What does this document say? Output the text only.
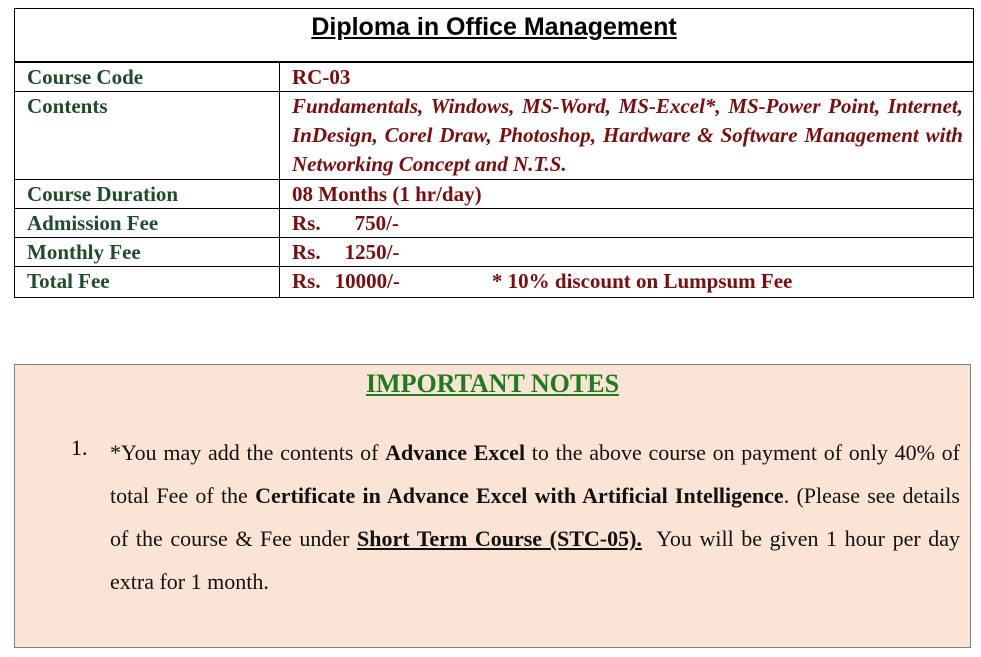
Diploma in Office Management	
Course Code	RC-03
Contents	Fundamentals, Windows, MS-Word, MS-Excel*, MS-Power Point, Internet, InDesign, Corel Draw, Photoshop, Hardware & Software Management with Networking Concept and N.T.S.
Course Duration	08 Months (1 hr/day)
Admission Fee	Rs. 750/-
Monthly Fee	Rs. 1250/-
Total Fee	Rs. 10000/- * 10% discount on Lumpsum Fee
IMPORTANT NOTES
1. *You may add the contents of Advance Excel to the above course on payment of only 40% of total Fee of the Certificate in Advance Excel with Artificial Intelligence. (Please see details of the course & Fee under Short Term Course (STC-05).  You will be given 1 hour per day extra for 1 month.
